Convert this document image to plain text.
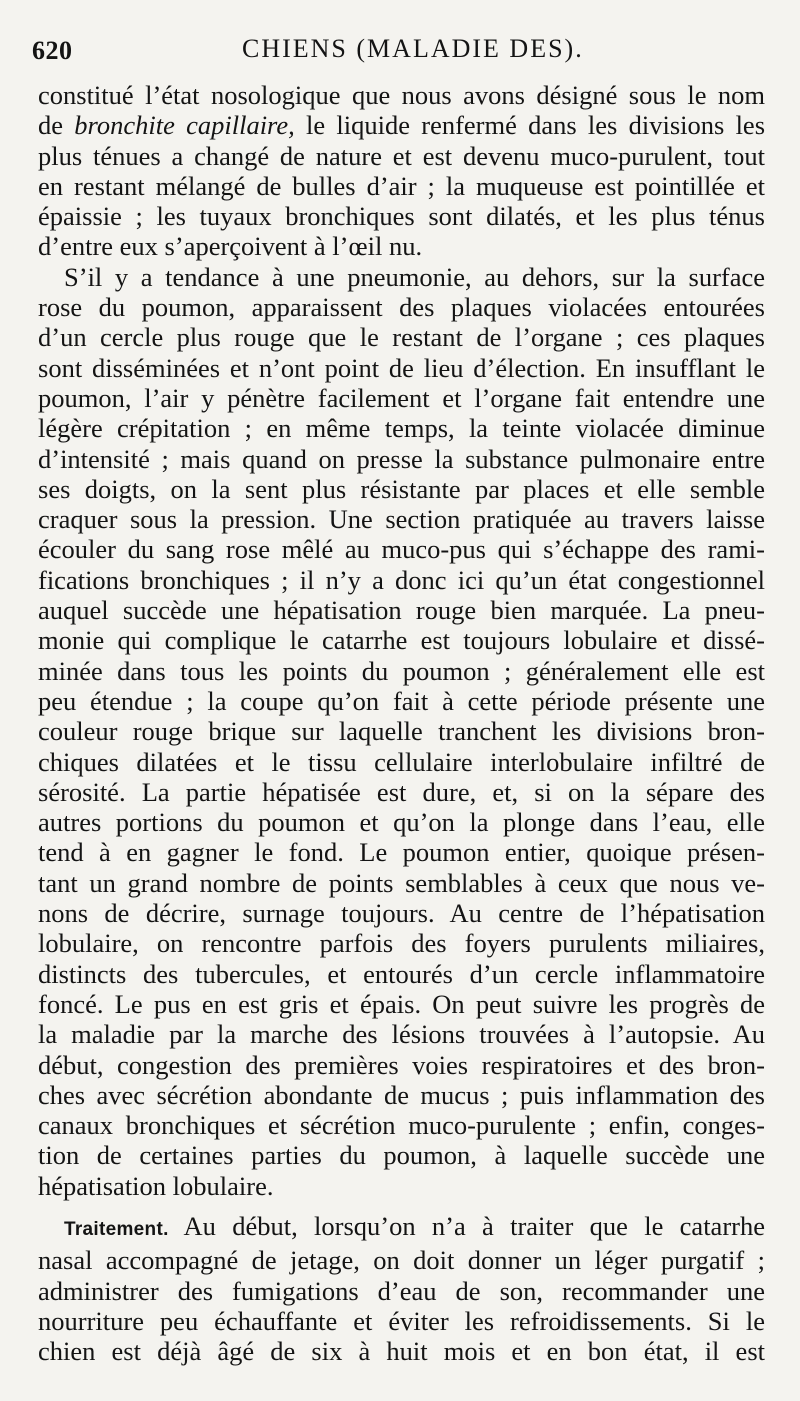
620	CHIENS (MALADIE DES).

constitué l’état nosologique que nous avons désigné sous le nom
de bronchite capillaire, le liquide renfermé dans les divisions les
plus ténues a changé de nature et est devenu muco-purulent, tout
en restant mélangé de bulles d’air ; la muqueuse est pointillée et
épaissie ; les tuyaux bronchiques sont dilatés, et les plus ténus
d’entre eux s’aperçoivent à l’œil nu.

S’il y a tendance à une pneumonie, au dehors, sur la surface
rose du poumon, apparaissent des plaques violacées entourées
d’un cercle plus rouge que le restant de l’organe ; ces plaques
sont disséminées et n’ont point de lieu d’élection. En insufflant le
poumon, l’air y pénètre facilement et l’organe fait entendre une
légère crépitation ; en même temps, la teinte violacée diminue
d’intensité ; mais quand on presse la substance pulmonaire entre
ses doigts, on la sent plus résistante par places et elle semble
craquer sous la pression. Une section pratiquée au travers laisse
écouler du sang rose mêlé au muco-pus qui s’échappe des rami-
fications bronchiques ; il n’y a donc ici qu’un état congestionnel
auquel succède une hépatisation rouge bien marquée. La pneu-
monie qui complique le catarrhe est toujours lobulaire et dissé-
minée dans tous les points du poumon ; généralement elle est
peu étendue ; la coupe qu’on fait à cette période présente une
couleur rouge brique sur laquelle tranchent les divisions bron-
chiques dilatées et le tissu cellulaire interlobulaire infiltré de
sérosité. La partie hépatisée est dure, et, si on la sépare des
autres portions du poumon et qu’on la plonge dans l’eau, elle
tend à en gagner le fond. Le poumon entier, quoique présen-
tant un grand nombre de points semblables à ceux que nous ve-
nons de décrire, surnage toujours. Au centre de l’hépatisation
lobulaire, on rencontre parfois des foyers purulents miliaires,
distincts des tubercules, et entourés d’un cercle inflammatoire
foncé. Le pus en est gris et épais. On peut suivre les progrès de
la maladie par la marche des lésions trouvées à l’autopsie. Au
début, congestion des premières voies respiratoires et des bron-
ches avec sécrétion abondante de mucus ; puis inflammation des
canaux bronchiques et sécrétion muco-purulente ; enfin, conges-
tion de certaines parties du poumon, à laquelle succède une
hépatisation lobulaire.

Traitement. Au début, lorsqu’on n’a à traiter que le catarrhe
nasal accompagné de jetage, on doit donner un léger purgatif ;
administrer des fumigations d’eau de son, recommander une
nourriture peu échauffante et éviter les refroidissements. Si le
chien est déjà âgé de six à huit mois et en bon état, il est
